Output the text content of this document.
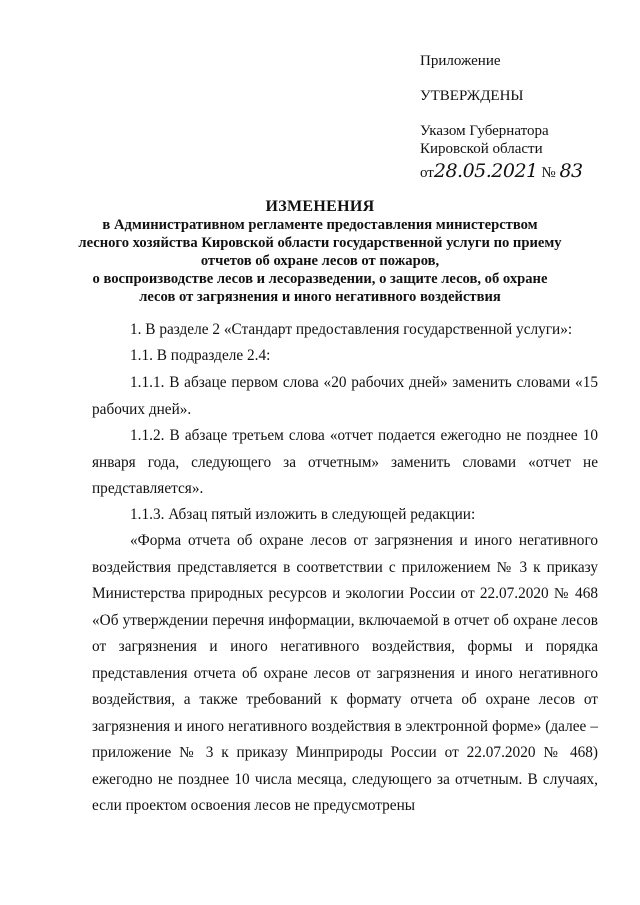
Приложение
УТВЕРЖДЕНЫ
Указом Губернатора
Кировской области
от28.05.2021 № 83
ИЗМЕНЕНИЯ
в Административном регламенте предоставления министерством
лесного хозяйства Кировской области государственной услуги по приему
отчетов об охране лесов от пожаров,
о воспроизводстве лесов и лесоразведении, о защите лесов, об охране
лесов от загрязнения и иного негативного воздействия
1. В разделе 2 «Стандарт предоставления государственной услуги»:
1.1. В подразделе 2.4:
1.1.1. В абзаце первом слова «20 рабочих дней» заменить словами «15 рабочих дней».
1.1.2. В абзаце третьем слова «отчет подается ежегодно не позднее 10 января года, следующего за отчетным» заменить словами «отчет не представляется».
1.1.3. Абзац пятый изложить в следующей редакции:
«Форма отчета об охране лесов от загрязнения и иного негативного воздействия представляется в соответствии с приложением № 3 к приказу Министерства природных ресурсов и экологии России от 22.07.2020 № 468 «Об утверждении перечня информации, включаемой в отчет об охране лесов от загрязнения и иного негативного воздействия, формы и порядка представления отчета об охране лесов от загрязнения и иного негативного воздействия, а также требований к формату отчета об охране лесов от загрязнения и иного негативного воздействия в электронной форме» (далее – приложение № 3 к приказу Минприроды России от 22.07.2020 № 468) ежегодно не позднее 10 числа месяца, следующего за отчетным. В случаях, если проектом освоения лесов не предусмотрены
